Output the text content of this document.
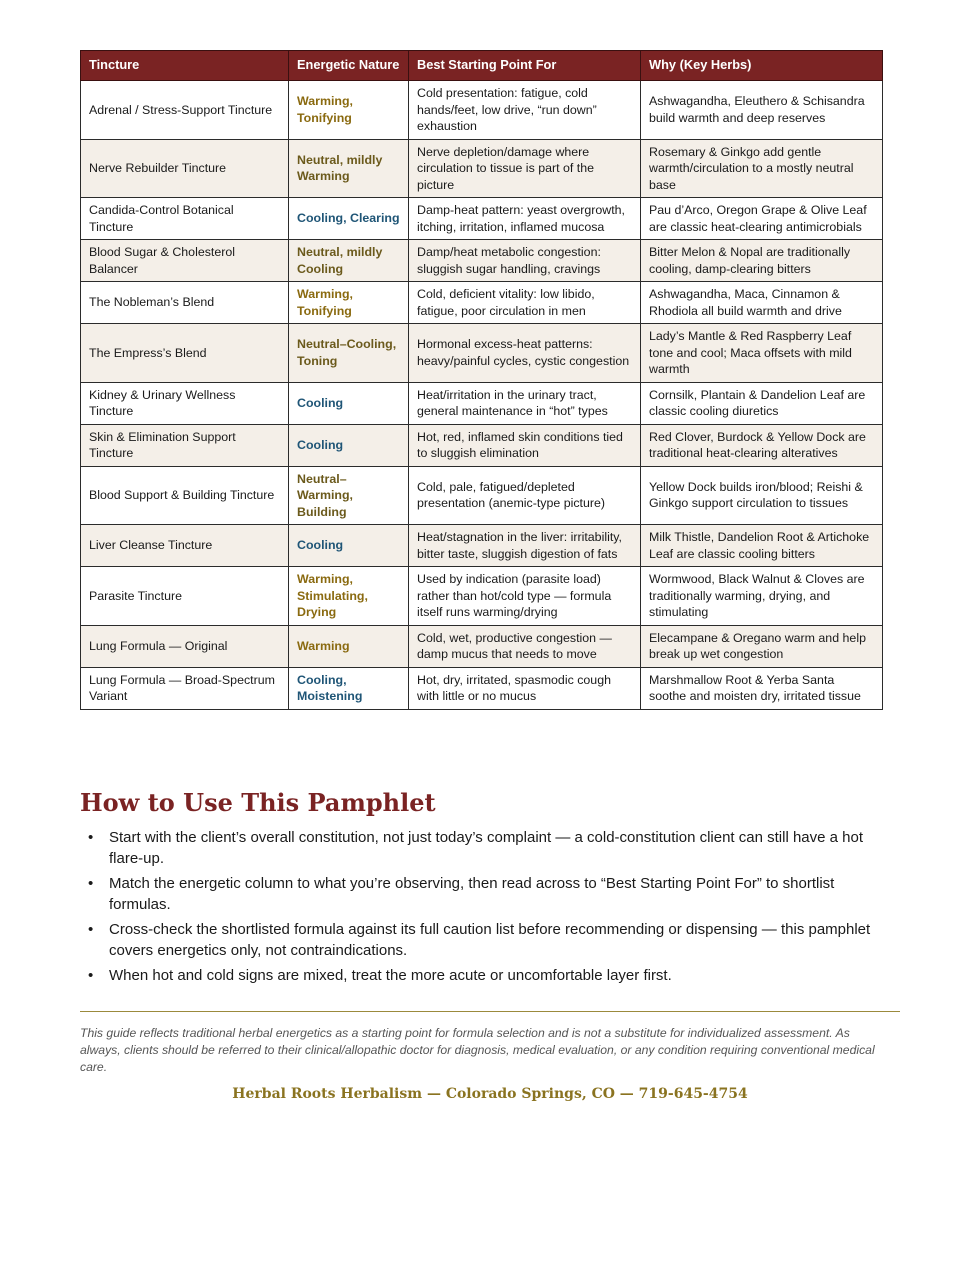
Tincture	Energetic Nature	Best Starting Point For	Why (Key Herbs)
Adrenal / Stress-Support Tincture	Warming, Tonifying	Cold presentation: fatigue, cold hands/feet, low drive, “run down” exhaustion	Ashwagandha, Eleuthero & Schisandra build warmth and deep reserves
Nerve Rebuilder Tincture	Neutral, mildly Warming	Nerve depletion/damage where circulation to tissue is part of the picture	Rosemary & Ginkgo add gentle warmth/circulation to a mostly neutral base
Candida-Control Botanical Tincture	Cooling, Clearing	Damp-heat pattern: yeast overgrowth, itching, irritation, inflamed mucosa	Pau d’Arco, Oregon Grape & Olive Leaf are classic heat-clearing antimicrobials
Blood Sugar & Cholesterol Balancer	Neutral, mildly Cooling	Damp/heat metabolic congestion: sluggish sugar handling, cravings	Bitter Melon & Nopal are traditionally cooling, damp-clearing bitters
The Nobleman’s Blend	Warming, Tonifying	Cold, deficient vitality: low libido, fatigue, poor circulation in men	Ashwagandha, Maca, Cinnamon & Rhodiola all build warmth and drive
The Empress’s Blend	Neutral–Cooling, Toning	Hormonal excess-heat patterns: heavy/painful cycles, cystic congestion	Lady’s Mantle & Red Raspberry Leaf tone and cool; Maca offsets with mild warmth
Kidney & Urinary Wellness Tincture	Cooling	Heat/irritation in the urinary tract, general maintenance in “hot” types	Cornsilk, Plantain & Dandelion Leaf are classic cooling diuretics
Skin & Elimination Support Tincture	Cooling	Hot, red, inflamed skin conditions tied to sluggish elimination	Red Clover, Burdock & Yellow Dock are traditional heat-clearing alteratives
Blood Support & Building Tincture	Neutral–Warming, Building	Cold, pale, fatigued/depleted presentation (anemic-type picture)	Yellow Dock builds iron/blood; Reishi & Ginkgo support circulation to tissues
Liver Cleanse Tincture	Cooling	Heat/stagnation in the liver: irritability, bitter taste, sluggish digestion of fats	Milk Thistle, Dandelion Root & Artichoke Leaf are classic cooling bitters
Parasite Tincture	Warming, Stimulating, Drying	Used by indication (parasite load) rather than hot/cold type — formula itself runs warming/drying	Wormwood, Black Walnut & Cloves are traditionally warming, drying, and stimulating
Lung Formula — Original	Warming	Cold, wet, productive congestion — damp mucus that needs to move	Elecampane & Oregano warm and help break up wet congestion
Lung Formula — Broad-Spectrum Variant	Cooling, Moistening	Hot, dry, irritated, spasmodic cough with little or no mucus	Marshmallow Root & Yerba Santa soothe and moisten dry, irritated tissue
How to Use This Pamphlet
• Start with the client’s overall constitution, not just today’s complaint — a cold-constitution client can still have a hot flare-up.
• Match the energetic column to what you’re observing, then read across to “Best Starting Point For” to shortlist formulas.
• Cross-check the shortlisted formula against its full caution list before recommending or dispensing — this pamphlet covers energetics only, not contraindications.
• When hot and cold signs are mixed, treat the more acute or uncomfortable layer first.

This guide reflects traditional herbal energetics as a starting point for formula selection and is not a substitute for individualized assessment. As always, clients should be referred to their clinical/allopathic doctor for diagnosis, medical evaluation, or any condition requiring conventional medical care.

Herbal Roots Herbalism — Colorado Springs, CO — 719-645-4754
